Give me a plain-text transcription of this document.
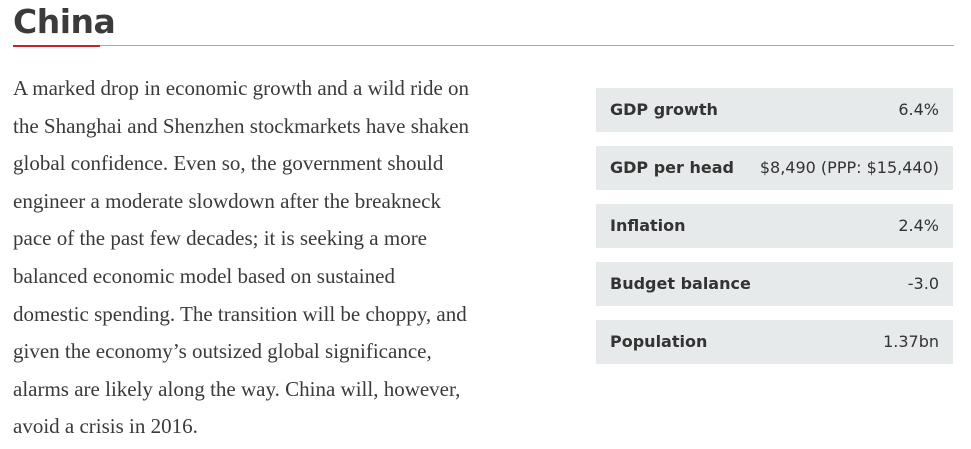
China

A marked drop in economic growth and a wild ride on
the Shanghai and Shenzhen stockmarkets have shaken
global confidence. Even so, the government should
engineer a moderate slowdown after the breakneck
pace of the past few decades; it is seeking a more
balanced economic model based on sustained
domestic spending. The transition will be choppy, and
given the economy’s outsized global significance,
alarms are likely along the way. China will, however,
avoid a crisis in 2016.

GDP growth	6.4%
GDP per head $8,490 (PPP: $15,440)
Inflation	2.4%
Budget balance	-3.0
Population	1.37bn
